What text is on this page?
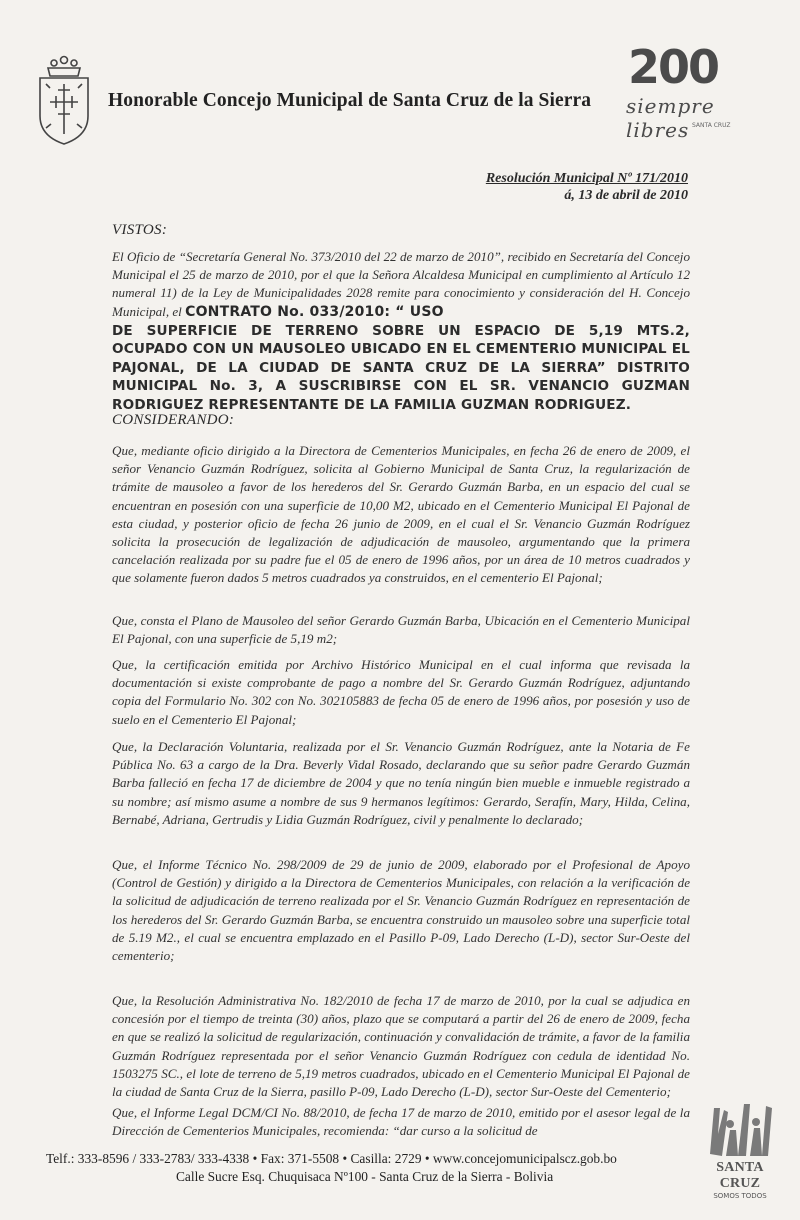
Honorable Concejo Municipal de Santa Cruz de la Sierra
200
siempre libres SANTA CRUZ
Resolución Municipal Nº 171/2010
á, 13 de abril de 2010
VISTOS:
El Oficio de “Secretaría General No. 373/2010 del 22 de marzo de 2010”, recibido en Secretaría del Concejo Municipal el 25 de marzo de 2010, por el que la Señora Alcaldesa Municipal en cumplimiento al Artículo 12 numeral 11) de la Ley de Municipalidades 2028 remite para conocimiento y consideración del H. Concejo Municipal, el CONTRATO No. 033/2010: “ USO
DE SUPERFICIE DE TERRENO SOBRE UN ESPACIO DE 5,19 MTS.2, OCUPADO CON UN MAUSOLEO UBICADO EN EL CEMENTERIO MUNICIPAL EL PAJONAL, DE LA CIUDAD DE SANTA CRUZ DE LA SIERRA” DISTRITO MUNICIPAL No. 3, A SUSCRIBIRSE CON EL SR. VENANCIO GUZMAN RODRIGUEZ REPRESENTANTE DE LA FAMILIA GUZMAN RODRIGUEZ.
CONSIDERANDO:
Que, mediante oficio dirigido a la Directora de Cementerios Municipales, en fecha 26 de enero de 2009, el señor Venancio Guzmán Rodríguez, solicita al Gobierno Municipal de Santa Cruz, la regularización de trámite de mausoleo a favor de los herederos del Sr. Gerardo Guzmán Barba, en un espacio del cual se encuentran en posesión con una superficie de 10,00 M2, ubicado en el Cementerio Municipal El Pajonal de esta ciudad, y posterior oficio de fecha 26 junio de 2009, en el cual el Sr. Venancio Guzmán Rodríguez solicita la prosecución de legalización de adjudicación de mausoleo, argumentando que la primera cancelación realizada por su padre fue el 05 de enero de 1996 años, por un área de 10 metros cuadrados y que solamente fueron dados 5 metros cuadrados ya construidos, en el cementerio El Pajonal;
Que, consta el Plano de Mausoleo del señor Gerardo Guzmán Barba, Ubicación en el Cementerio Municipal El Pajonal, con una superficie de 5,19 m2;
Que, la certificación emitida por Archivo Histórico Municipal en el cual informa que revisada la documentación si existe comprobante de pago a nombre del Sr. Gerardo Guzmán Rodríguez, adjuntando copia del Formulario No. 302 con No. 302105883 de fecha 05 de enero de 1996 años, por posesión y uso de suelo en el Cementerio El Pajonal;
Que, la Declaración Voluntaria, realizada por el Sr. Venancio Guzmán Rodríguez, ante la Notaria de Fe Pública No. 63 a cargo de la Dra. Beverly Vidal Rosado, declarando que su señor padre Gerardo Guzmán Barba falleció en fecha 17 de diciembre de 2004 y que no tenía ningún bien mueble e inmueble registrado a su nombre; así mismo asume a nombre de sus 9 hermanos legítimos: Gerardo, Serafín, Mary, Hilda, Celina, Bernabé, Adriana, Gertrudis y Lidia Guzmán Rodríguez, civil y penalmente lo declarado;
Que, el Informe Técnico No. 298/2009 de 29 de junio de 2009, elaborado por el Profesional de Apoyo (Control de Gestión) y dirigido a la Directora de Cementerios Municipales, con relación a la verificación de la solicitud de adjudicación de terreno realizada por el Sr. Venancio Guzmán Rodríguez en representación de los herederos del Sr. Gerardo Guzmán Barba, se encuentra construido un mausoleo sobre una superficie total de 5.19 M2., el cual se encuentra emplazado en el Pasillo P-09, Lado Derecho (L-D), sector Sur-Oeste del cementerio;
Que, la Resolución Administrativa No. 182/2010 de fecha 17 de marzo de 2010, por la cual se adjudica en concesión por el tiempo de treinta (30) años, plazo que se computará a partir del 26 de enero de 2009, fecha en que se realizó la solicitud de regularización, continuación y convalidación de trámite, a favor de la familia Guzmán Rodríguez representada por el señor Venancio Guzmán Rodríguez con cedula de identidad No. 1503275 SC., el lote de terreno de 5,19 metros cuadrados, ubicado en el Cementerio Municipal El Pajonal de la ciudad de Santa Cruz de la Sierra, pasillo P-09, Lado Derecho (L-D), sector Sur-Oeste del Cementerio;
Que, el Informe Legal DCM/CI No. 88/2010, de fecha 17 de marzo de 2010, emitido por el asesor legal de la Dirección de Cementerios Municipales, recomienda: “dar curso a la solicitud de
Telf.: 333-8596 / 333-2783/ 333-4338 • Fax: 371-5508 • Casilla: 2729 • www.concejomunicipalscz.gob.bo
Calle Sucre Esq. Chuquisaca Nº100 - Santa Cruz de la Sierra - Bolivia
SANTA CRUZ
SOMOS TODOS
